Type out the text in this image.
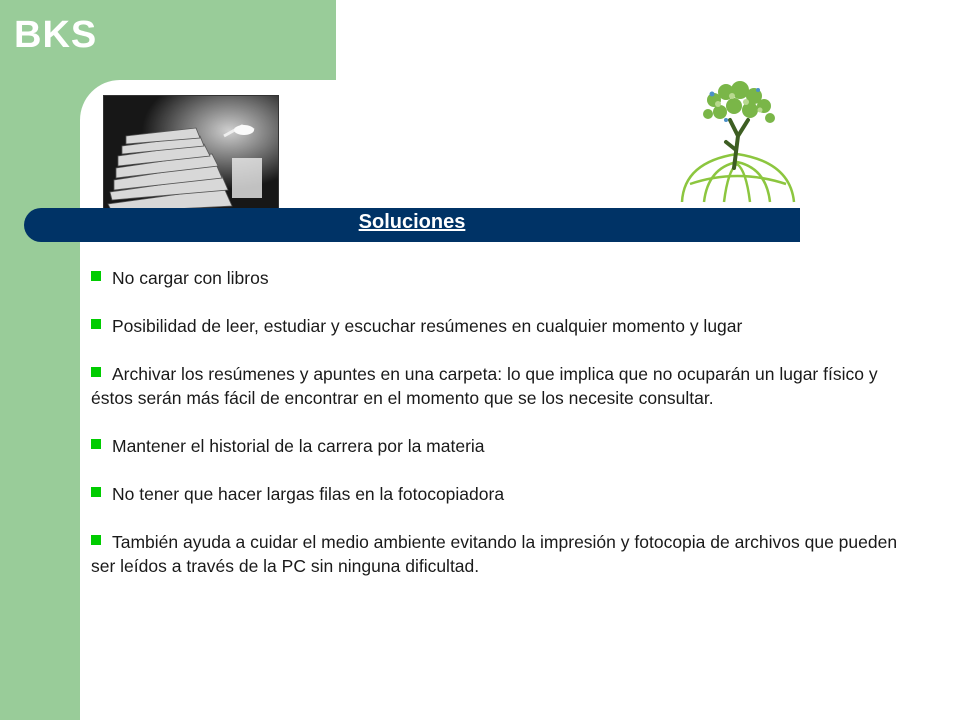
BKS
Soluciones
No cargar con libros
Posibilidad de leer, estudiar y escuchar resúmenes en cualquier momento y lugar
Archivar los resúmenes y apuntes en una carpeta: lo que implica que no ocuparán un lugar físico y éstos serán más fácil de encontrar en el momento que se los necesite consultar.
Mantener el historial de la carrera por la materia
No tener que hacer largas filas en la fotocopiadora
También ayuda a cuidar el medio ambiente evitando la impresión y fotocopia de archivos que pueden ser leídos a través de la PC sin ninguna dificultad.
